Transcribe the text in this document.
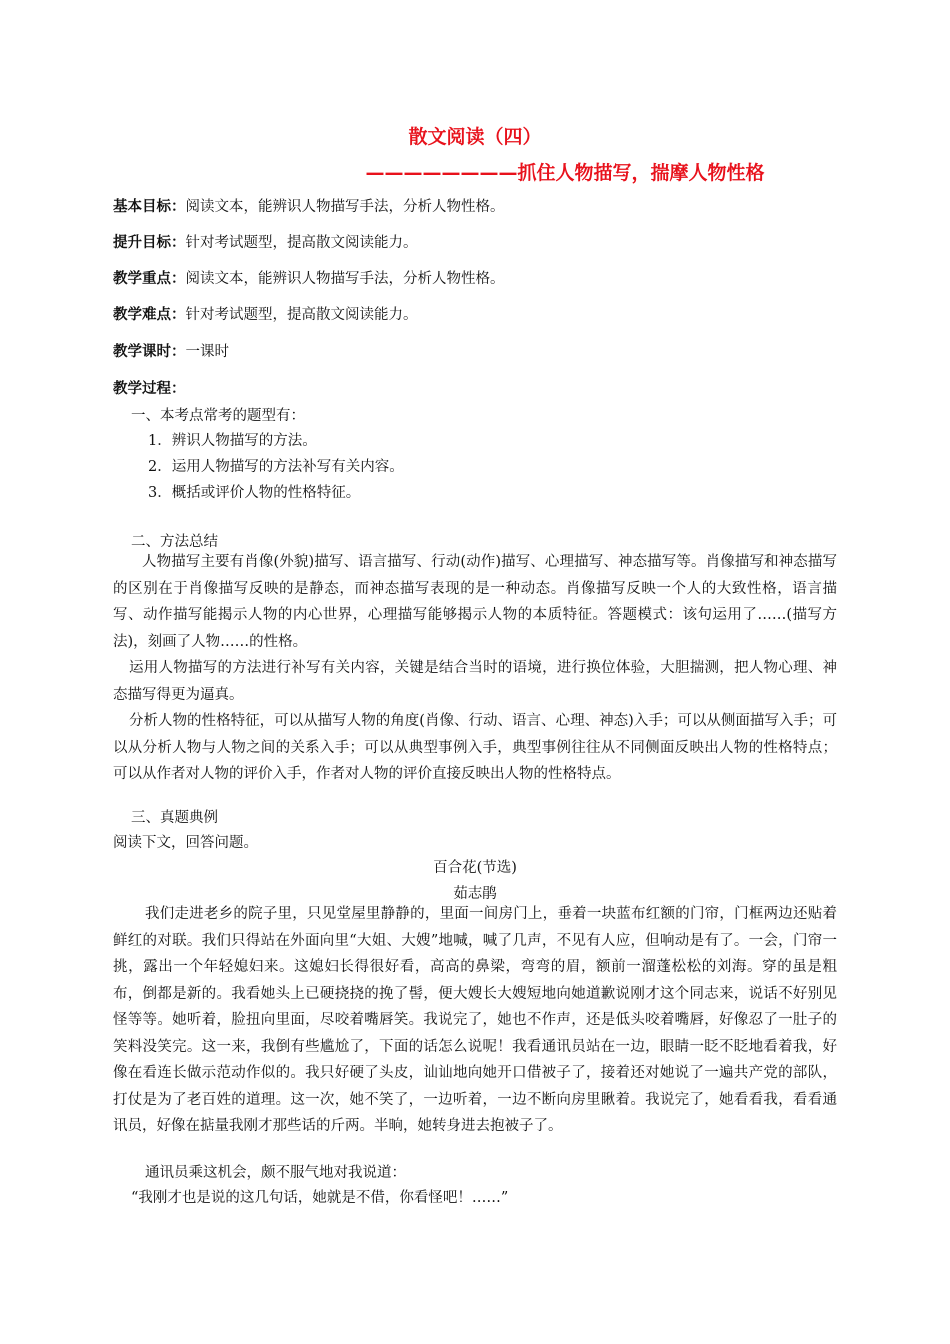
散文阅读（四）
————————抓住人物描写，揣摩人物性格
基本目标：阅读文本，能辨识人物描写手法，分析人物性格。
提升目标：针对考试题型，提高散文阅读能力。
教学重点：阅读文本，能辨识人物描写手法，分析人物性格。
教学难点：针对考试题型，提高散文阅读能力。
教学课时：一课时
教学过程：
一、本考点常考的题型有：
1．辨识人物描写的方法。
2．运用人物描写的方法补写有关内容。
3．概括或评价人物的性格特征。
二、方法总结
人物描写主要有肖像(外貌)描写、语言描写、行动(动作)描写、心理描写、神态描写等。肖像描写和神态描写的区别在于肖像描写反映的是静态，而神态描写表现的是一种动态。肖像描写反映一个人的大致性格，语言描写、动作描写能揭示人物的内心世界，心理描写能够揭示人物的本质特征。答题模式：该句运用了……(描写方法)，刻画了人物……的性格。
运用人物描写的方法进行补写有关内容，关键是结合当时的语境，进行换位体验，大胆揣测，把人物心理、神态描写得更为逼真。
分析人物的性格特征，可以从描写人物的角度(肖像、行动、语言、心理、神态)入手；可以从侧面描写入手；可以从分析人物与人物之间的关系入手；可以从典型事例入手，典型事例往往从不同侧面反映出人物的性格特点；可以从作者对人物的评价入手，作者对人物的评价直接反映出人物的性格特点。
三、真题典例
阅读下文，回答问题。
百合花(节选)
茹志鹃
我们走进老乡的院子里，只见堂屋里静静的，里面一间房门上，垂着一块蓝布红额的门帘，门框两边还贴着鲜红的对联。我们只得站在外面向里“大姐、大嫂”地喊，喊了几声，不见有人应，但响动是有了。一会，门帘一挑，露出一个年轻媳妇来。这媳妇长得很好看，高高的鼻梁，弯弯的眉，额前一溜蓬松松的刘海。穿的虽是粗布，倒都是新的。我看她头上已硬挠挠的挽了髻，便大嫂长大嫂短地向她道歉说刚才这个同志来，说话不好别见怪等等。她听着，脸扭向里面，尽咬着嘴唇笑。我说完了，她也不作声，还是低头咬着嘴唇，好像忍了一肚子的笑料没笑完。这一来，我倒有些尴尬了，下面的话怎么说呢！我看通讯员站在一边，眼睛一眨不眨地看着我，好像在看连长做示范动作似的。我只好硬了头皮，讪讪地向她开口借被子了，接着还对她说了一遍共产党的部队，打仗是为了老百姓的道理。这一次，她不笑了，一边听着，一边不断向房里瞅着。我说完了，她看看我，看看通讯员，好像在掂量我刚才那些话的斤两。半晌，她转身进去抱被子了。
通讯员乘这机会，颇不服气地对我说道：
“我刚才也是说的这几句话，她就是不借，你看怪吧！……”
